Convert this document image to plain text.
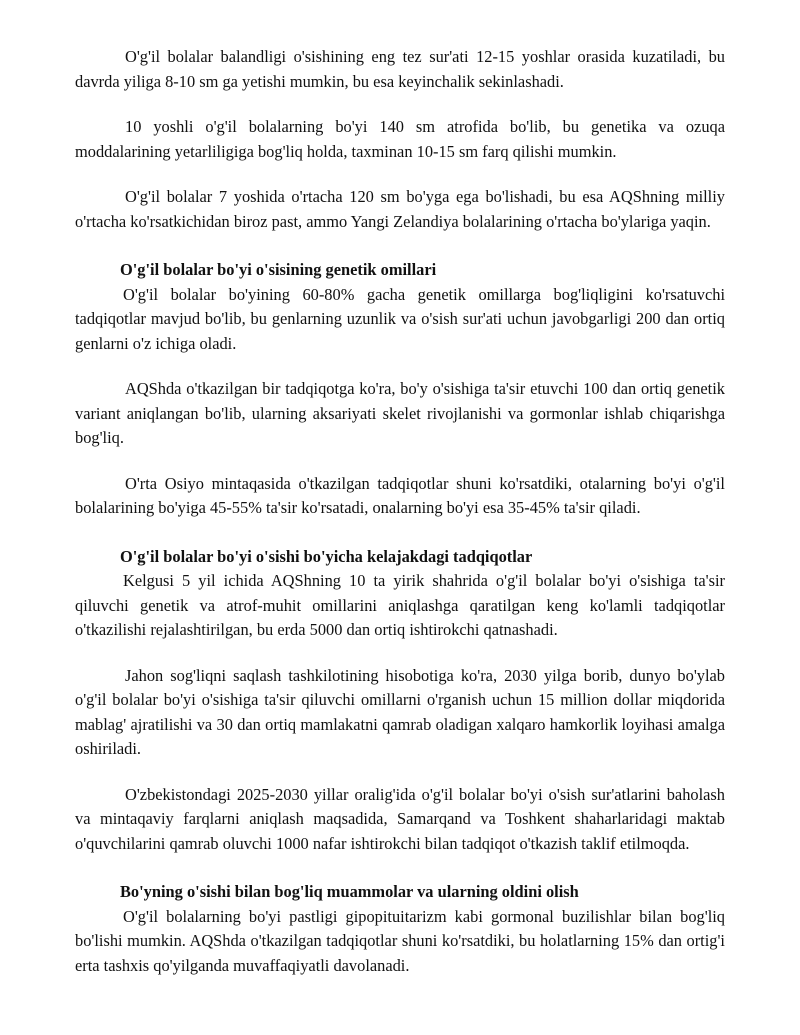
O'g'il bolalar balandligi o'sishining eng tez sur'ati 12-15 yoshlar orasida kuzatiladi, bu davrda yiliga 8-10 sm ga yetishi mumkin, bu esa keyinchalik sekinlashadi.

10 yoshli o'g'il bolalarning bo'yi 140 sm atrofida bo'lib, bu genetika va ozuqa moddalarining yetarliligiga bog'liq holda, taxminan 10-15 sm farq qilishi mumkin.

O'g'il bolalar 7 yoshida o'rtacha 120 sm bo'yga ega bo'lishadi, bu esa AQShning milliy o'rtacha ko'rsatkichidan biroz past, ammo Yangi Zelandiya bolalarining o'rtacha bo'ylariga yaqin.

O'g'il bolalar bo'yi o'sisining genetik omillari

O'g'il bolalar bo'yining 60-80% gacha genetik omillarga bog'liqligini ko'rsatuvchi tadqiqotlar mavjud bo'lib, bu genlarning uzunlik va o'sish sur'ati uchun javobgarligi 200 dan ortiq genlarni o'z ichiga oladi.

AQShda o'tkazilgan bir tadqiqotga ko'ra, bo'y o'sishiga ta'sir etuvchi 100 dan ortiq genetik variant aniqlangan bo'lib, ularning aksariyati skelet rivojlanishi va gormonlar ishlab chiqarishga bog'liq.

O'rta Osiyo mintaqasida o'tkazilgan tadqiqotlar shuni ko'rsatdiki, otalarning bo'yi o'g'il bolalarining bo'yiga 45-55% ta'sir ko'rsatadi, onalarning bo'yi esa 35-45% ta'sir qiladi.

O'g'il bolalar bo'yi o'sishi bo'yicha kelajakdagi tadqiqotlar

Kelgusi 5 yil ichida AQShning 10 ta yirik shahrida o'g'il bolalar bo'yi o'sishiga ta'sir qiluvchi genetik va atrof-muhit omillarini aniqlashga qaratilgan keng ko'lamli tadqiqotlar o'tkazilishi rejalashtirilgan, bu erda 5000 dan ortiq ishtirokchi qatnashadi.

Jahon sog'liqni saqlash tashkilotining hisobotiga ko'ra, 2030 yilga borib, dunyo bo'ylab o'g'il bolalar bo'yi o'sishiga ta'sir qiluvchi omillarni o'rganish uchun 15 million dollar miqdorida mablag' ajratilishi va 30 dan ortiq mamlakatni qamrab oladigan xalqaro hamkorlik loyihasi amalga oshiriladi.

O'zbekistondagi 2025-2030 yillar oralig'ida o'g'il bolalar bo'yi o'sish sur'atlarini baholash va mintaqaviy farqlarni aniqlash maqsadida, Samarqand va Toshkent shaharlaridagi maktab o'quvchilarini qamrab oluvchi 1000 nafar ishtirokchi bilan tadqiqot o'tkazish taklif etilmoqda.

Bo'yning o'sishi bilan bog'liq muammolar va ularning oldini olish

O'g'il bolalarning bo'yi pastligi gipopituitarizm kabi gormonal buzilishlar bilan bog'liq bo'lishi mumkin. AQShda o'tkazilgan tadqiqotlar shuni ko'rsatdiki, bu holatlarning 15% dan ortig'i erta tashxis qo'yilganda muvaffaqiyatli davolanadi.
